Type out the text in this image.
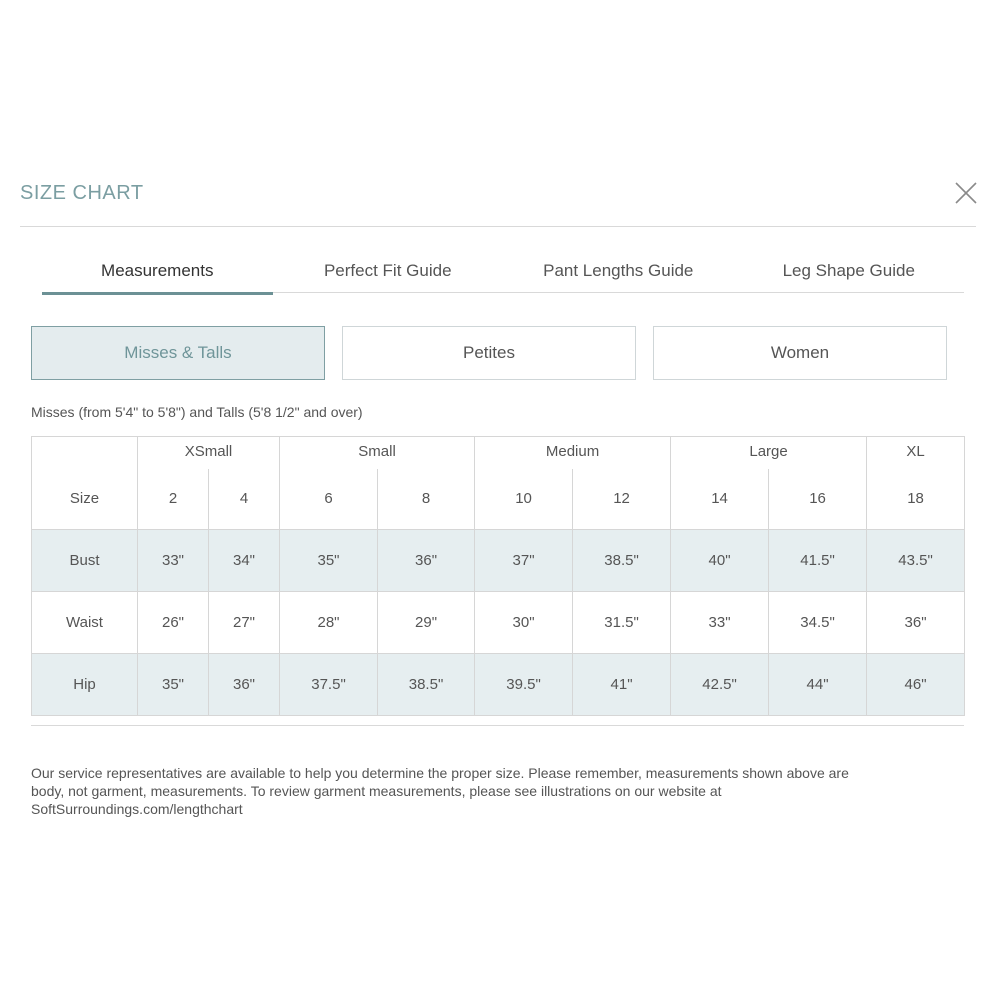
SIZE CHART
Measurements	Perfect Fit Guide	Pant Lengths Guide	Leg Shape Guide
Misses & Talls	Petites	Women
Misses (from 5'4" to 5'8") and Talls (5'8 1/2" and over)
	XSmall		Small		Medium		Large		XL
Size	2	4	6	8	10	12	14	16	18
Bust	33"	34"	35"	36"	37"	38.5"	40"	41.5"	43.5"
Waist	26"	27"	28"	29"	30"	31.5"	33"	34.5"	36"
Hip	35"	36"	37.5"	38.5"	39.5"	41"	42.5"	44"	46"
Our service representatives are available to help you determine the proper size. Please remember, measurements shown above are
body, not garment, measurements. To review garment measurements, please see illustrations on our website at
SoftSurroundings.com/lengthchart
